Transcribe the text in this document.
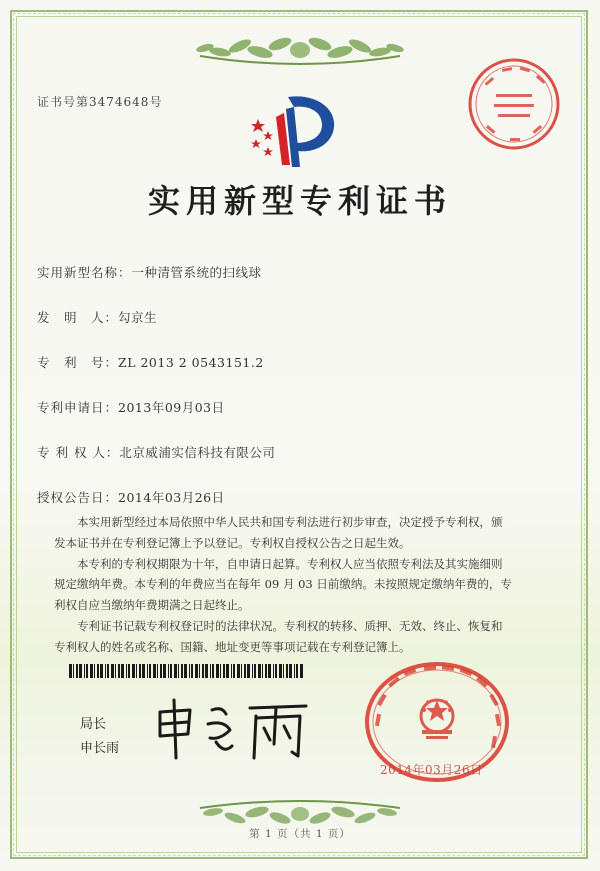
证书号第3474648号
实用新型专利证书
实用新型名称：一种清管系统的扫线球
发　明　人：勾京生
专　利　号：ZL 2013 2 0543151.2
专利申请日：2013年09月03日
专 利 权 人：北京威浦实信科技有限公司
授权公告日：2014年03月26日

本实用新型经过本局依照中华人民共和国专利法进行初步审查，决定授予专利权，颁

发本证书并在专利登记簿上予以登记。专利权自授权公告之日起生效。

本专利的专利权期限为十年，自申请日起算。专利权人应当依照专利法及其实施细则

规定缴纳年费。本专利的年费应当在每年 09 月 03 日前缴纳。未按照规定缴纳年费的，专

利权自应当缴纳年费期满之日起终止。

专利证书记载专利权登记时的法律状况。专利权的转移、质押、无效、终止、恢复和

专利权人的姓名或名称、国籍、地址变更等事项记载在专利登记簿上。

局长
申长雨
2014年03月26日
第 1 页（共 1 页）
